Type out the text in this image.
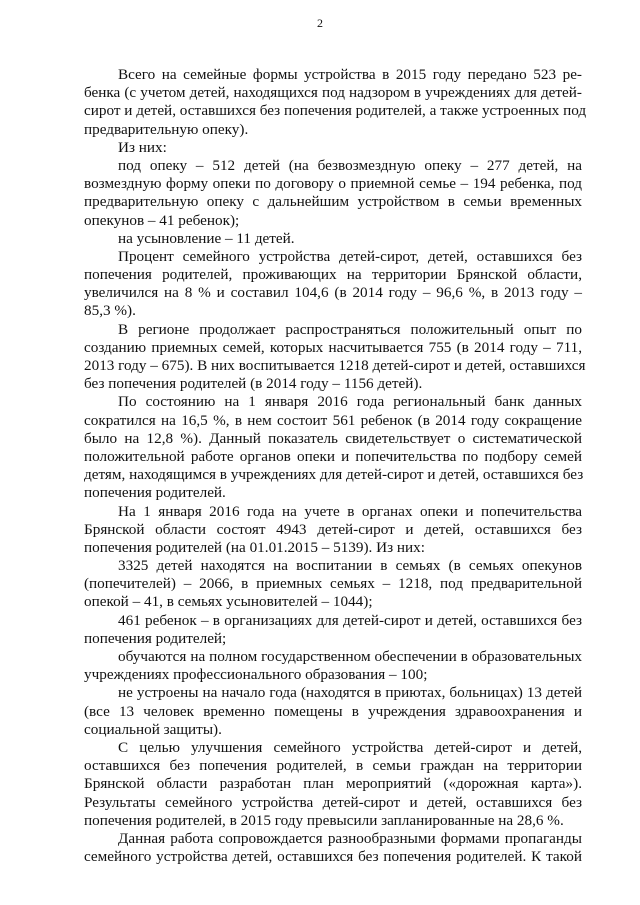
2
Всего на семейные формы устройства в 2015 году передано 523 ре-
бенка (с учетом детей, находящихся под надзором в учреждениях для детей-
сирот и детей, оставшихся без попечения родителей, а также устроенных под
предварительную опеку).
Из них:
под опеку – 512 детей (на безвозмездную опеку – 277 детей, на
возмездную форму опеки по договору о приемной семье – 194 ребенка, под
предварительную опеку с дальнейшим устройством в семьи временных
опекунов – 41 ребенок);
на усыновление – 11 детей.
Процент семейного устройства детей-сирот, детей, оставшихся без
попечения родителей, проживающих на территории Брянской области,
увеличился на 8 % и составил 104,6 (в 2014 году – 96,6 %, в 2013 году –
85,3 %).
В регионе продолжает распространяться положительный опыт по
созданию приемных семей, которых насчитывается 755 (в 2014 году – 711,
2013 году – 675). В них воспитывается 1218 детей-сирот и детей, оставшихся
без попечения родителей (в 2014 году – 1156 детей).
По состоянию на 1 января 2016 года региональный банк данных
сократился на 16,5 %, в нем состоит 561 ребенок (в 2014 году сокращение
было на 12,8 %). Данный показатель свидетельствует о систематической
положительной работе органов опеки и попечительства по подбору семей
детям, находящимся в учреждениях для детей-сирот и детей, оставшихся без
попечения родителей.
На 1 января 2016 года на учете в органах опеки и попечительства
Брянской области состоят 4943 детей-сирот и детей, оставшихся без
попечения родителей (на 01.01.2015 – 5139). Из них:
3325 детей находятся на воспитании в семьях (в семьях опекунов
(попечителей) – 2066, в приемных семьях – 1218, под предварительной
опекой – 41, в семьях усыновителей – 1044);
461 ребенок – в организациях для детей-сирот и детей, оставшихся без
попечения родителей;
обучаются на полном государственном обеспечении в образовательных
учреждениях профессионального образования – 100;
не устроены на начало года (находятся в приютах, больницах) 13 детей
(все 13 человек временно помещены в учреждения здравоохранения и
социальной защиты).
С целью улучшения семейного устройства детей-сирот и детей,
оставшихся без попечения родителей, в семьи граждан на территории
Брянской области разработан план мероприятий («дорожная карта»).
Результаты семейного устройства детей-сирот и детей, оставшихся без
попечения родителей, в 2015 году превысили запланированные на 28,6 %.
Данная работа сопровождается разнообразными формами пропаганды
семейного устройства детей, оставшихся без попечения родителей. К такой
